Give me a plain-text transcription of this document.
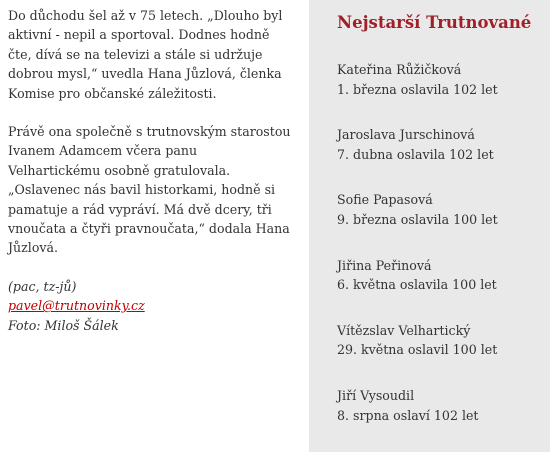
Do důchodu šel až v 75 letech. „Dlouho byl aktivní - nepil a sportoval. Dodnes hodně čte, dívá se na televizi a stále si udržuje dobrou mysl,“ uvedla Hana Jůzlová, členka Komise pro občanské záležitosti.

Právě ona společně s trutnovským starostou Ivanem Adamcem včera panu Velhartickému osobně gratulovala. „Oslavenec nás bavil historkami, hodně si pamatuje a rád vypráví. Má dvě dcery, tři vnoučata a čtyři pravnoučata,“ dodala Hana Jůzlová.

(pac, tz-jů)
pavel@trutnovinky.cz
Foto: Miloš Šálek
Nejstarší Trutnované
Kateřina Růžičková
1. března oslavila 102 let
Jaroslava Jurschinová
7. dubna oslavila 102 let
Sofie Papasová
9. března oslavila 100 let
Jiřina Peřinová
6. května oslavila 100 let
Vítězslav Velhartický
29. května oslavil 100 let
Jiří Vysoudil
8. srpna oslaví 102 let
